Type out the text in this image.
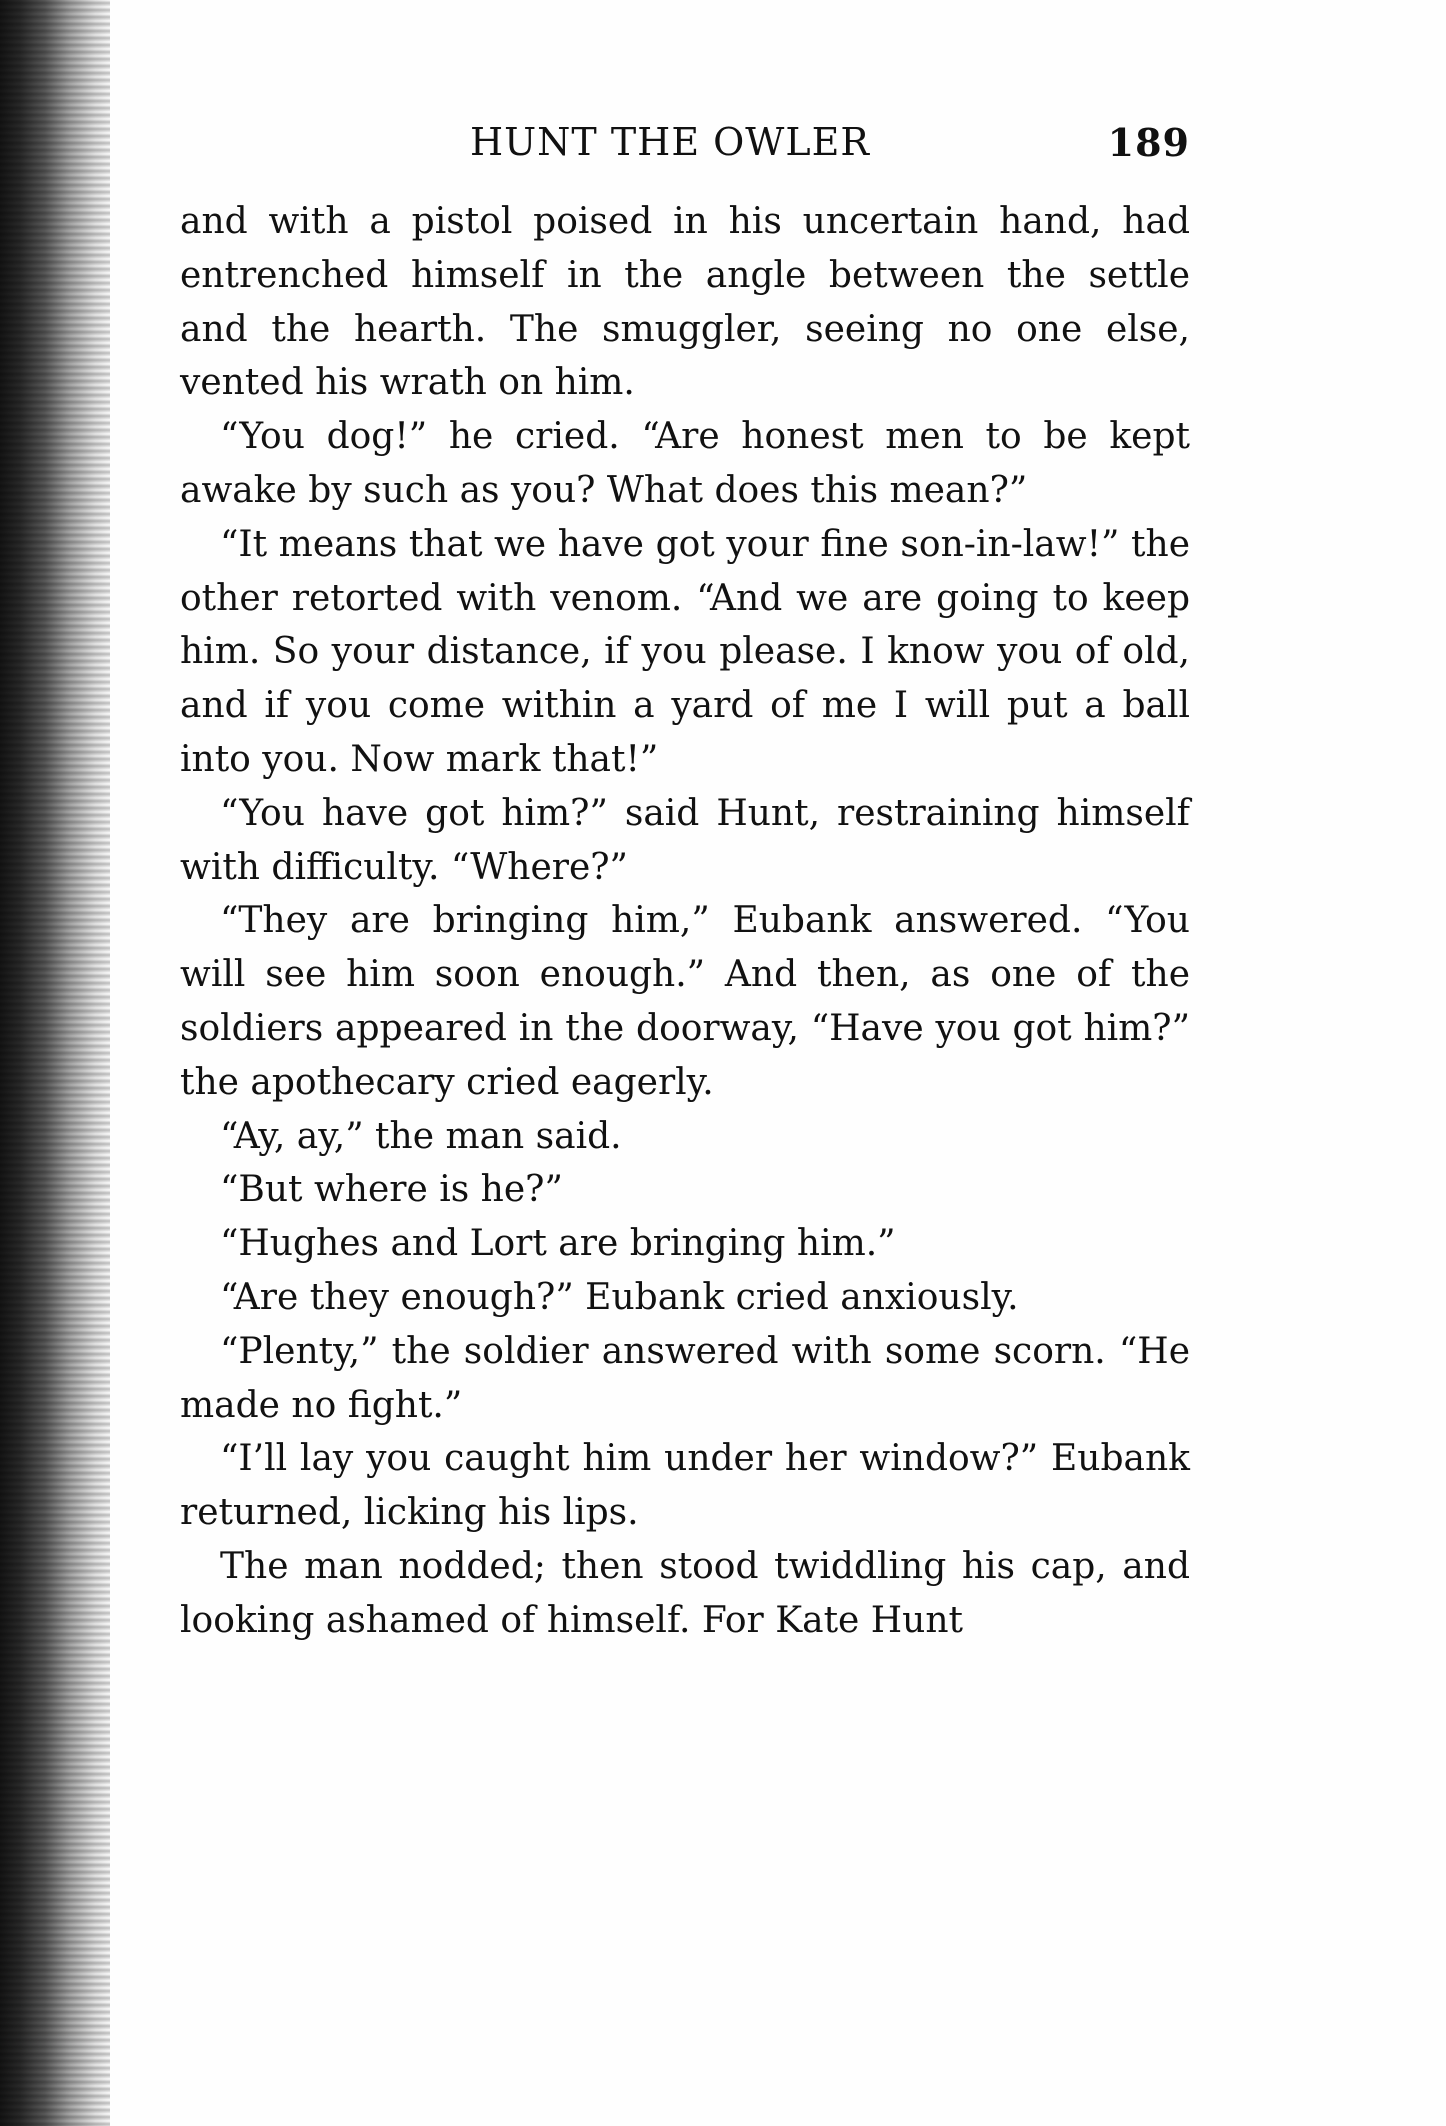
HUNT THE OWLER	189

and with a pistol poised in his uncertain hand, had entrenched himself in the angle between the settle and the hearth. The smuggler, seeing no one else, vented his wrath on him.

“You dog!” he cried. “Are honest men to be kept awake by such as you? What does this mean?”

“It means that we have got your fine son-in-law!” the other retorted with venom. “And we are going to keep him. So your distance, if you please. I know you of old, and if you come within a yard of me I will put a ball into you. Now mark that!”

“You have got him?” said Hunt, restraining himself with difficulty. “Where?”

“They are bringing him,” Eubank answered. “You will see him soon enough.” And then, as one of the soldiers appeared in the doorway, “Have you got him?” the apothecary cried eagerly.

“Ay, ay,” the man said.

“But where is he?”

“Hughes and Lort are bringing him.”

“Are they enough?” Eubank cried anxiously.

“Plenty,” the soldier answered with some scorn. “He made no fight.”

“I’ll lay you caught him under her window?” Eubank returned, licking his lips.

The man nodded; then stood twiddling his cap, and looking ashamed of himself. For Kate Hunt
